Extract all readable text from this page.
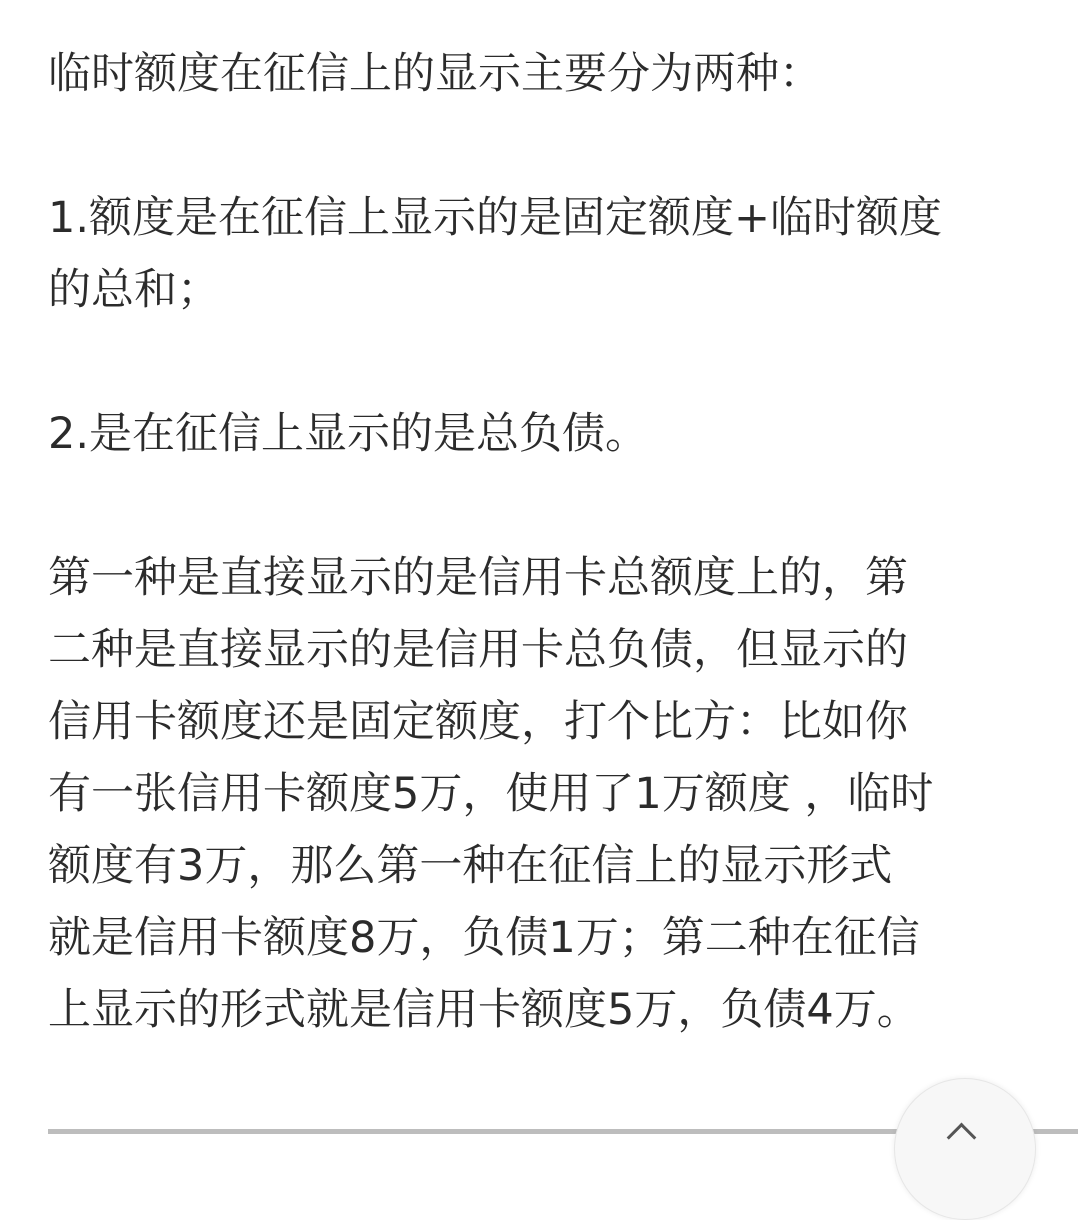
临时额度在征信上的显示主要分为两种：

1.额度是在征信上显示的是固定额度+临时额度
的总和；

2.是在征信上显示的是总负债。

第一种是直接显示的是信用卡总额度上的，第
二种是直接显示的是信用卡总负债，但显示的
信用卡额度还是固定额度，打个比方：比如你
有一张信用卡额度5万，使用了1万额度 ，临时
额度有3万，那么第一种在征信上的显示形式
就是信用卡额度8万，负债1万；第二种在征信
上显示的形式就是信用卡额度5万，负债4万。
